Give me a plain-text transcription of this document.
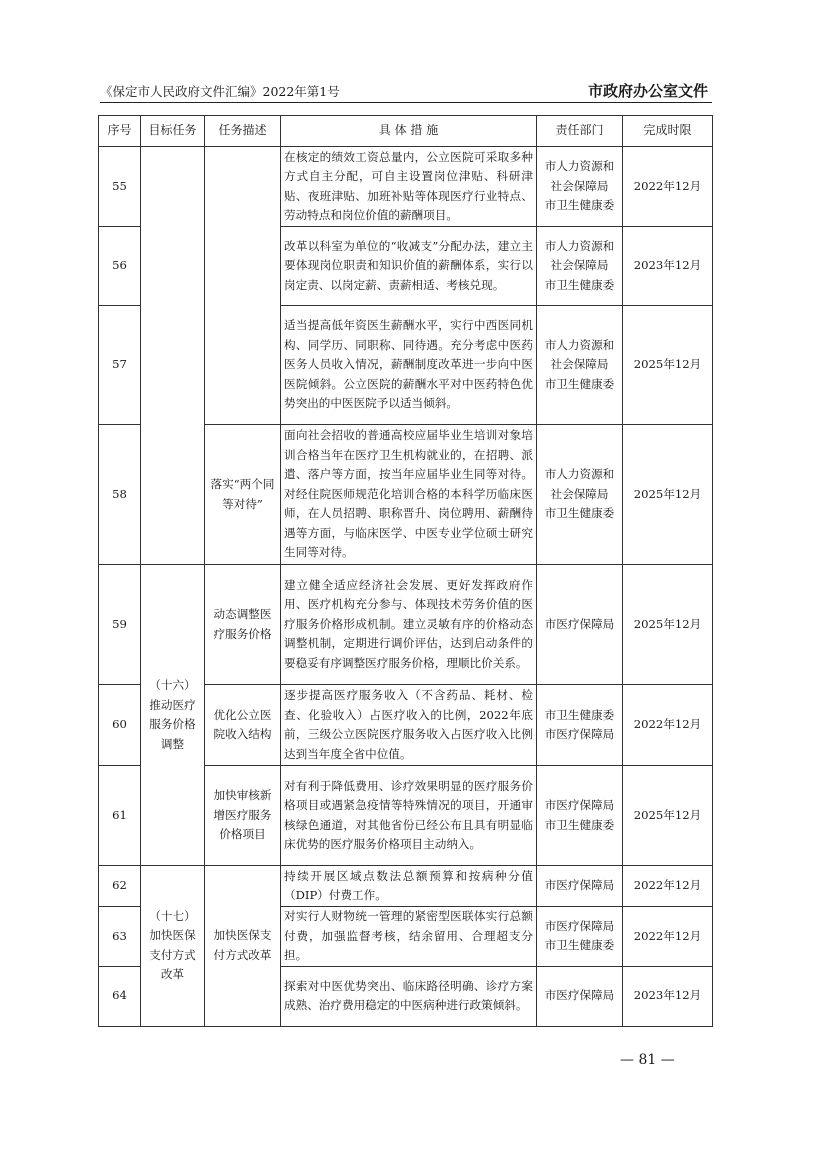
《保定市人民政府文件汇编》2022年第1号	市政府办公室文件
序号	目标任务	任务描述	具 体 措 施	责任部门	完成时限
55			在核定的绩效工资总量内，公立医院可采取多种方式自主分配，可自主设置岗位津贴、科研津贴、夜班津贴、加班补贴等体现医疗行业特点、劳动特点和岗位价值的薪酬项目。	市人力资源和
社会保障局
市卫生健康委	2022年12月
56			改革以科室为单位的“收减支”分配办法，建立主要体现岗位职责和知识价值的薪酬体系，实行以岗定责、以岗定薪、责薪相适、考核兑现。	市人力资源和
社会保障局
市卫生健康委	2023年12月
57			适当提高低年资医生薪酬水平，实行中西医同机构、同学历、同职称、同待遇。充分考虑中医药医务人员收入情况，薪酬制度改革进一步向中医医院倾斜。公立医院的薪酬水平对中医药特色优势突出的中医医院予以适当倾斜。	市人力资源和
社会保障局
市卫生健康委	2025年12月
58		落实“两个同等对待”	面向社会招收的普通高校应届毕业生培训对象培训合格当年在医疗卫生机构就业的，在招聘、派遣、落户等方面，按当年应届毕业生同等对待。对经住院医师规范化培训合格的本科学历临床医师，在人员招聘、职称晋升、岗位聘用、薪酬待遇等方面，与临床医学、中医专业学位硕士研究生同等对待。	市人力资源和
社会保障局
市卫生健康委	2025年12月
59	（十六）推动医疗服务价格调整	动态调整医疗服务价格	建立健全适应经济社会发展、更好发挥政府作用、医疗机构充分参与、体现技术劳务价值的医疗服务价格形成机制。建立灵敏有序的价格动态调整机制，定期进行调价评估，达到启动条件的要稳妥有序调整医疗服务价格，理顺比价关系。	市医疗保障局	2025年12月
60		优化公立医院收入结构	逐步提高医疗服务收入（不含药品、耗材、检查、化验收入）占医疗收入的比例，2022年底前，三级公立医院医疗服务收入占医疗收入比例达到当年度全省中位值。	市卫生健康委
市医疗保障局	2022年12月
61		加快审核新增医疗服务价格项目	对有利于降低费用、诊疗效果明显的医疗服务价格项目或遇紧急疫情等特殊情况的项目，开通审核绿色通道，对其他省份已经公布且具有明显临床优势的医疗服务价格项目主动纳入。	市医疗保障局
市卫生健康委	2025年12月
62	（十七）加快医保支付方式改革	加快医保支付方式改革	持续开展区域点数法总额预算和按病种分值（DIP）付费工作。	市医疗保障局	2022年12月
63			对实行人财物统一管理的紧密型医联体实行总额付费，加强监督考核，结余留用、合理超支分担。	市医疗保障局
市卫生健康委	2022年12月
64			探索对中医优势突出、临床路径明确、诊疗方案成熟、治疗费用稳定的中医病种进行政策倾斜。	市医疗保障局	2023年12月
— 81 —
